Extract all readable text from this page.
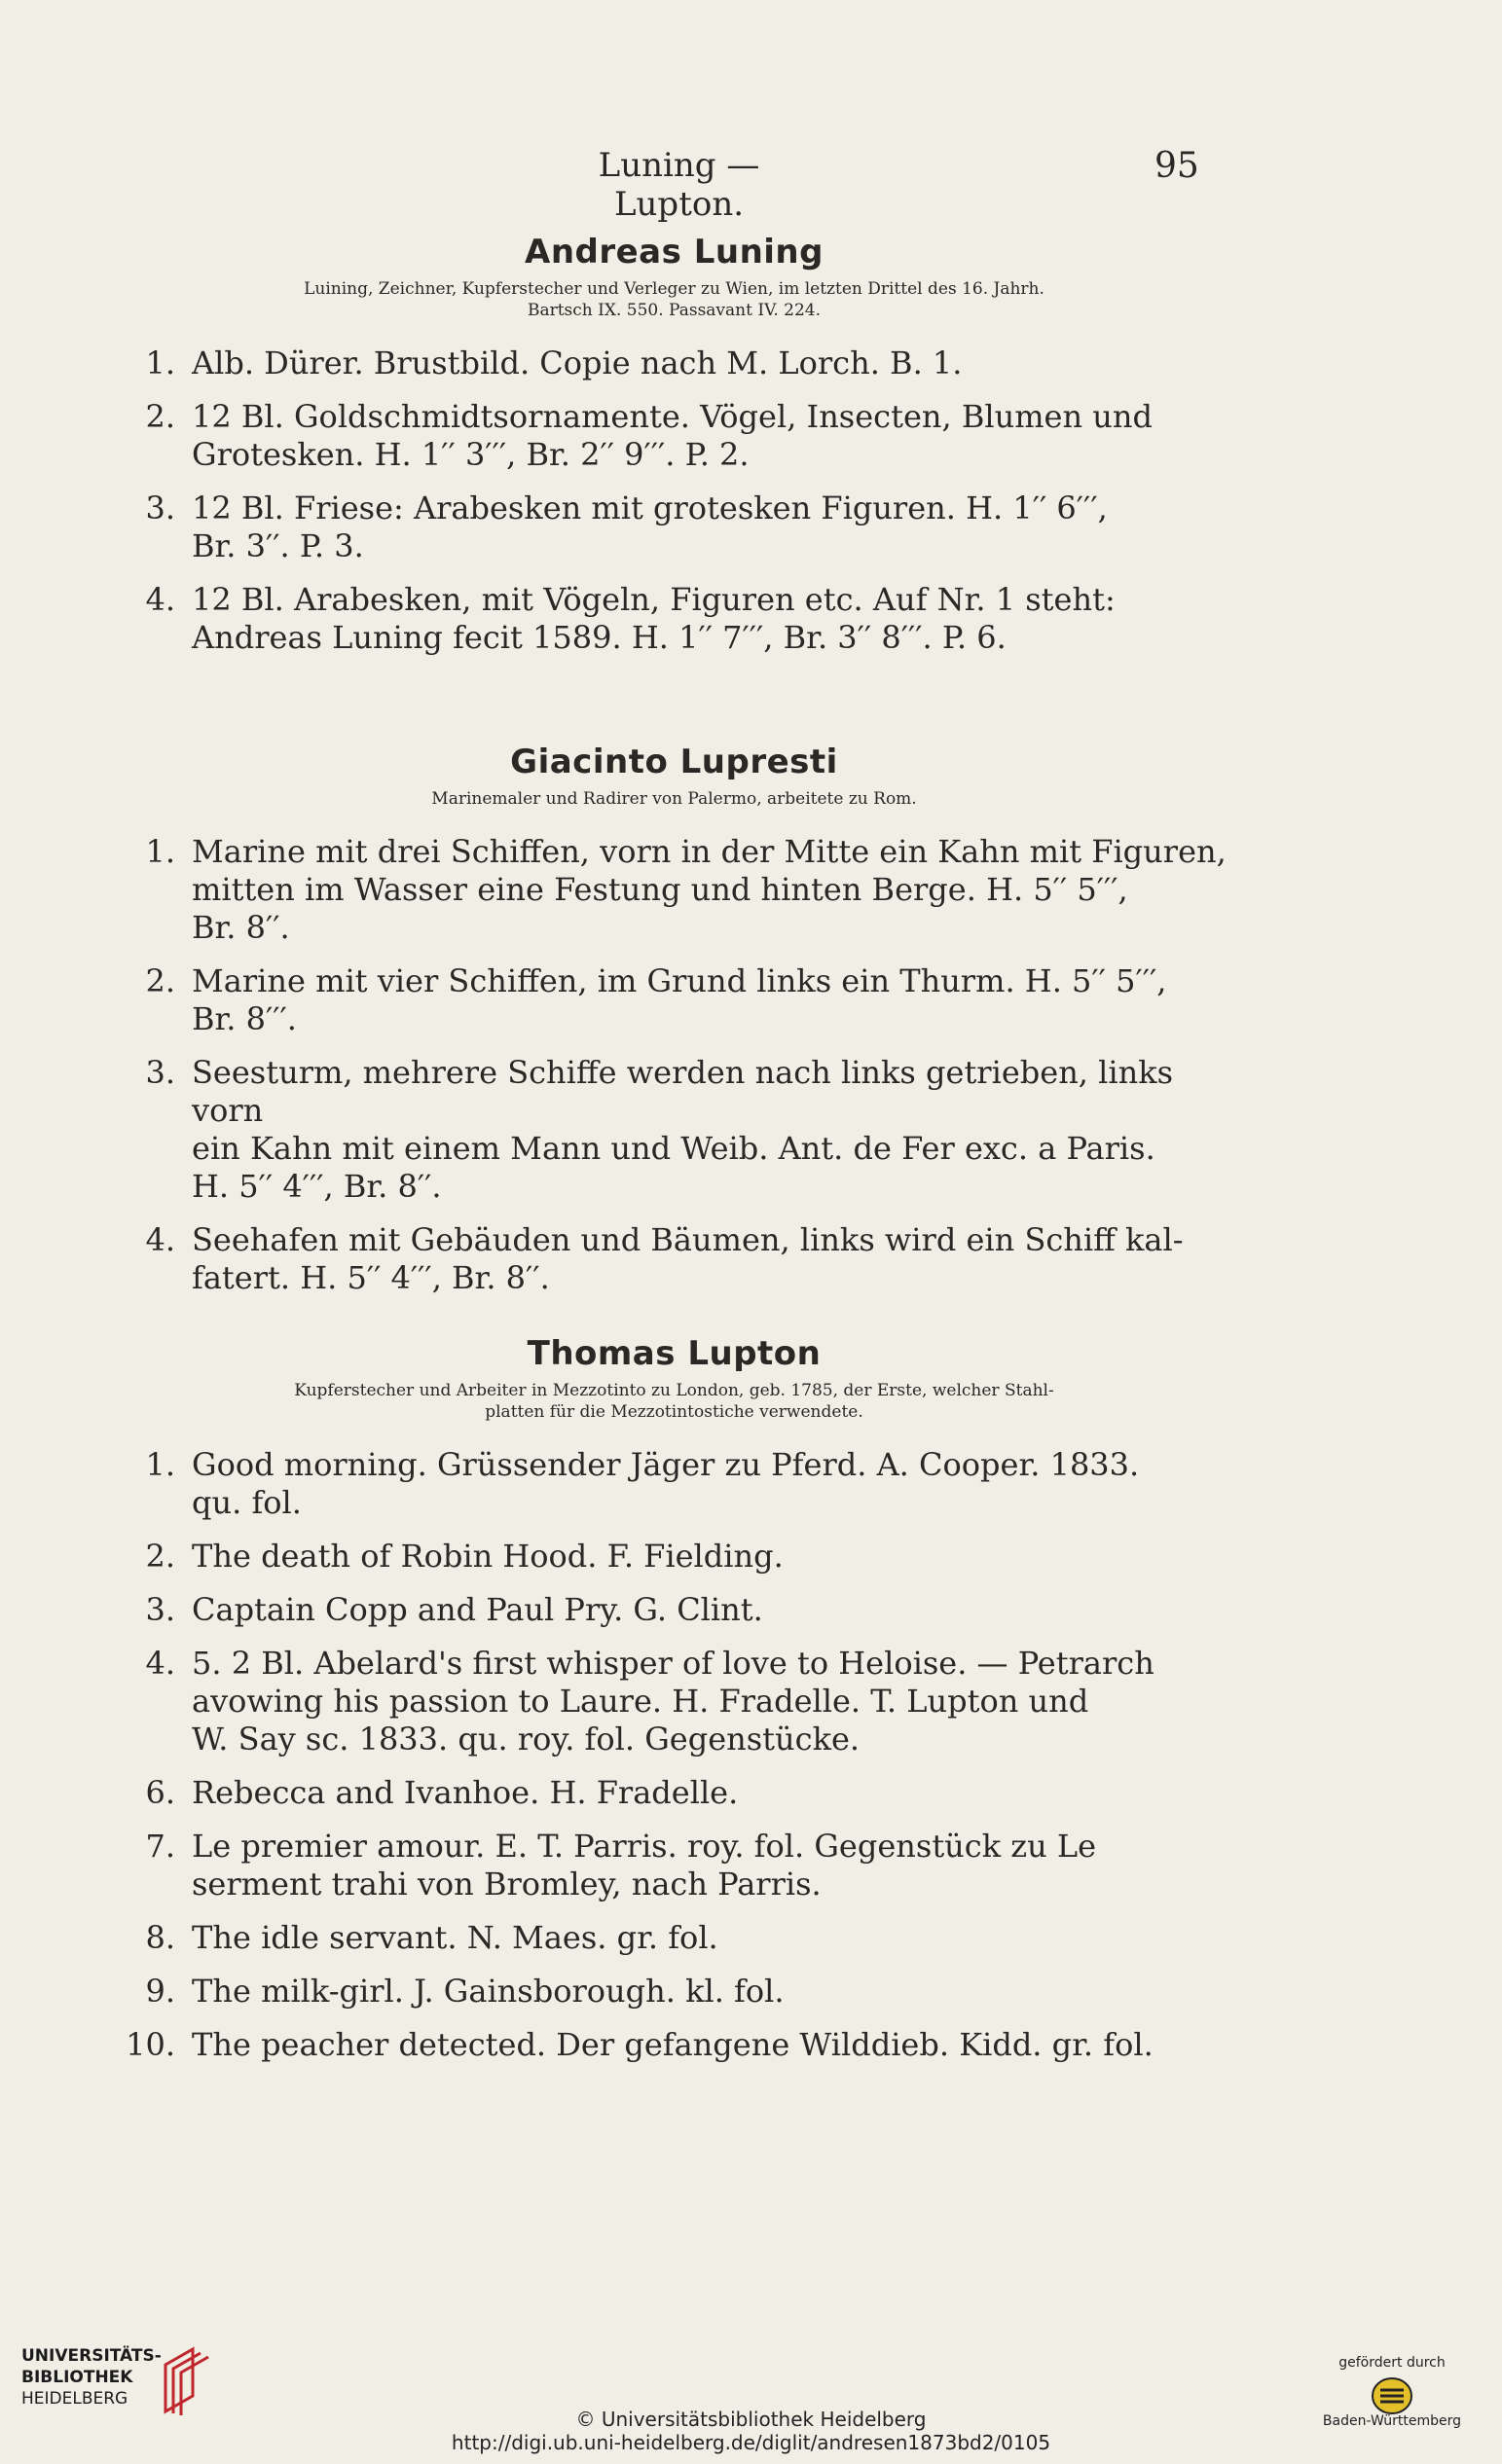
Luning — Lupton.
95
Andreas Luning
Luining, Zeichner, Kupferstecher und Verleger zu Wien, im letzten Drittel des 16. Jahrh.
Bartsch IX. 550. Passavant IV. 224.
1. Alb. Dürer. Brustbild. Copie nach M. Lorch. B. 1.
2. 12 Bl. Goldschmidtsornamente. Vögel, Insecten, Blumen und
Grotesken. H. 1′′ 3′′′, Br. 2′′ 9′′′. P. 2.
3. 12 Bl. Friese: Arabesken mit grotesken Figuren. H. 1′′ 6′′′,
Br. 3′′. P. 3.
4. 12 Bl. Arabesken, mit Vögeln, Figuren etc. Auf Nr. 1 steht:
Andreas Luning fecit 1589. H. 1′′ 7′′′, Br. 3′′ 8′′′. P. 6.
Giacinto Lupresti
Marinemaler und Radirer von Palermo, arbeitete zu Rom.
1. Marine mit drei Schiffen, vorn in der Mitte ein Kahn mit Figuren,
mitten im Wasser eine Festung und hinten Berge. H. 5′′ 5′′′,
Br. 8′′.
2. Marine mit vier Schiffen, im Grund links ein Thurm. H. 5′′ 5′′′,
Br. 8′′′.
3. Seesturm, mehrere Schiffe werden nach links getrieben, links vorn
ein Kahn mit einem Mann und Weib. Ant. de Fer exc. a Paris.
H. 5′′ 4′′′, Br. 8′′.
4. Seehafen mit Gebäuden und Bäumen, links wird ein Schiff kal-
fatert. H. 5′′ 4′′′, Br. 8′′.
Thomas Lupton
Kupferstecher und Arbeiter in Mezzotinto zu London, geb. 1785, der Erste, welcher Stahl-
platten für die Mezzotintostiche verwendete.
1. Good morning. Grüssender Jäger zu Pferd. A. Cooper. 1833.
qu. fol.
2. The death of Robin Hood. F. Fielding.
3. Captain Copp and Paul Pry. G. Clint.
4. 5. 2 Bl. Abelard's first whisper of love to Heloise. — Petrarch
avowing his passion to Laure. H. Fradelle. T. Lupton und
W. Say sc. 1833. qu. roy. fol. Gegenstücke.
6. Rebecca and Ivanhoe. H. Fradelle.
7. Le premier amour. E. T. Parris. roy. fol. Gegenstück zu Le
serment trahi von Bromley, nach Parris.
8. The idle servant. N. Maes. gr. fol.
9. The milk-girl. J. Gainsborough. kl. fol.
10. The peacher detected. Der gefangene Wilddieb. Kidd. gr. fol.
UNIVERSITÄTS-
BIBLIOTHEK
HEIDELBERG
© Universitätsbibliothek Heidelberg
http://digi.ub.uni-heidelberg.de/diglit/andresen1873bd2/0105
gefördert durch
Baden-Württemberg
